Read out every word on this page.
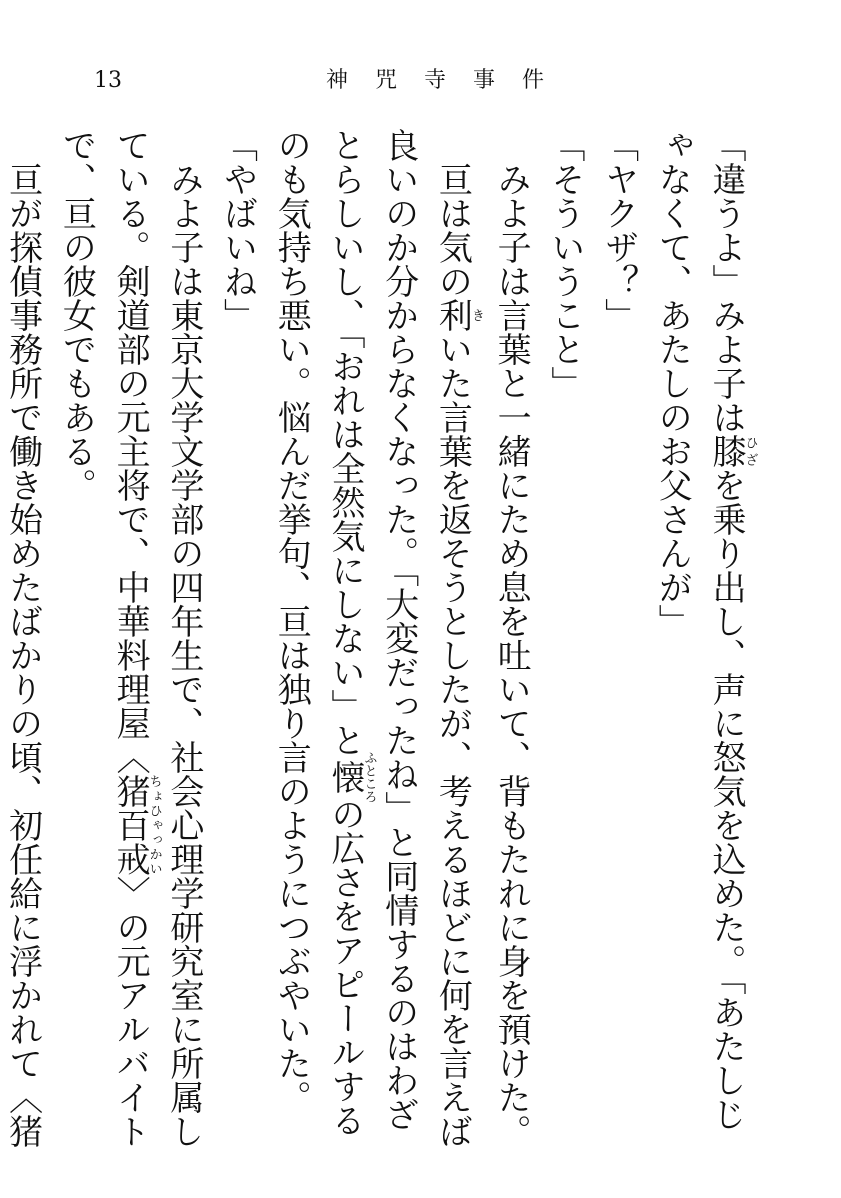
13	神 咒 寺 事 件

「違うよ」みよ子は膝ひざを乗り出し、声に怒気を込めた。「あたしじゃなくて、あたしのお父さんが」

「ヤクザ？」

「そういうこと」

みよ子は言葉と一緒にため息を吐いて、背もたれに身を預けた。

亘は気の利きいた言葉を返そうとしたが、考えるほどに何を言えば良いのか分からなくなった。「大変だったね」と同情するのはわざとらしいし、「おれは全然気にしない」と懐ふところの広さをアピールするのも気持ち悪い。悩んだ挙句、亘は独り言のようにつぶやいた。「やばいね」

みよ子は東京大学文学部の四年生で、社会心理学研究室に所属している。剣道部の元主将で、中華料理屋〈猪百戒ちょひゃっかい〉の元アルバイトで、亘の彼女でもある。

亘が探偵事務所で働き始めたばかりの頃、初任給に浮かれて〈猪
